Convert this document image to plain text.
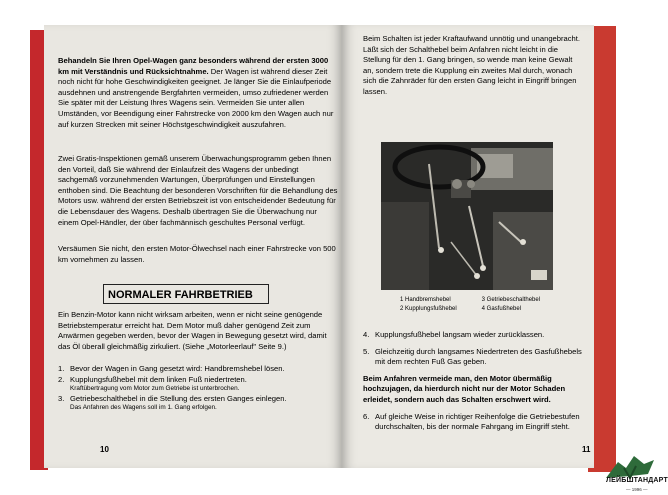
Behandeln Sie Ihren Opel-Wagen ganz besonders während der ersten 3000 km mit Verständnis und Rücksichtnahme. Der Wagen ist während dieser Zeit noch nicht für hohe Geschwindigkeiten geeignet. Je länger Sie die Einlaufperiode ausdehnen und anstrengende Bergfahrten vermeiden, umso zufriedener werden Sie später mit der Leistung Ihres Wagens sein. Vermeiden Sie unter allen Umständen, vor Beendigung einer Fahrstrecke von 2000 km den Wagen auch nur auf kurzen Strecken mit seiner Höchstgeschwindigkeit auszufahren.

Zwei Gratis-Inspektionen gemäß unserem Überwachungsprogramm geben Ihnen den Vorteil, daß Sie während der Einlaufzeit des Wagens der unbedingt sachgemäß vorzunehmenden Wartungen, Überprüfungen und Einstellungen enthoben sind. Die Beachtung der besonderen Vorschriften für die Behandlung des Motors usw. während der ersten Betriebszeit ist von entscheidender Bedeutung für die Lebensdauer des Wagens. Deshalb übertragen Sie die Überwachung nur einem Opel-Händler, der über fachmännisch geschultes Personal verfügt.

Versäumen Sie nicht, den ersten Motor-Ölwechsel nach einer Fahrstrecke von 500 km vornehmen zu lassen.

NORMALER FAHRBETRIEB

Ein Benzin-Motor kann nicht wirksam arbeiten, wenn er nicht seine genügende Betriebstemperatur erreicht hat. Dem Motor muß daher genügend Zeit zum Anwärmen gegeben werden, bevor der Wagen in Bewegung gesetzt wird, damit das Öl überall gleichmäßig zirkuliert. (Siehe „Motorleerlauf" Seite 9.)

1. Bevor der Wagen in Gang gesetzt wird: Handbremshebel lösen.
2. Kupplungsfußhebel mit dem linken Fuß niedertreten.
Kraftübertragung vom Motor zum Getriebe ist unterbrochen.
3. Getriebeschalthebel in die Stellung des ersten Ganges einlegen.
Das Anfahren des Wagens soll im 1. Gang erfolgen.
10

Beim Schalten ist jeder Kraftaufwand unnötig und unangebracht. Läßt sich der Schalthebel beim Anfahren nicht leicht in die Stellung für den 1. Gang bringen, so wende man keine Gewalt an, sondern trete die Kupplung ein zweites Mal durch, wonach sich die Zahnräder für den ersten Gang leicht in Eingriff bringen lassen.

1 Handbremshebel
2 Kupplungsfußhebel

3 Getriebeschalthebel
4 Gasfußhebel
4. Kupplungsfußhebel langsam wieder zurücklassen.
5. Gleichzeitig durch langsames Niedertreten des Gasfußhebels mit dem rechten Fuß Gas geben.

Beim Anfahren vermeide man, den Motor übermäßig hochzujagen, da hierdurch nicht nur der Motor Schaden erleidet, sondern auch das Schalten erschwert wird.

6. Auf gleiche Weise in richtiger Reihenfolge die Getriebestufen durchschalten, bis der normale Fahrgang im Eingriff steht.
11
ЛЕЙБШТАНДАРТ
— 1996 —
